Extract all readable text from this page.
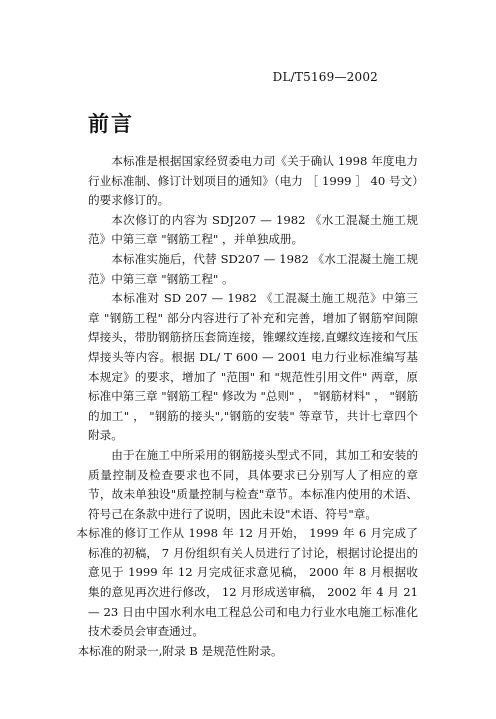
DL/T5169—2002
前言

本标准是根据国家经贸委电力司《关于确认 1998 年度电力行业标准制、修订计划项目的通知》（电力 ［ 1999 ］ 40 号文）的要求修订的。

本次修订的内容为 SDJ207 — 1982 《水工混凝土施工规范》中第三章 "钢筋工程" ，并单独成册。

本标准实施后，代替 SD207 — 1982 《水工混凝土施工规范》中第三章 "钢筋工程" 。

本标准对 SD 207 — 1982 《工混凝土施工规范》中第三章 "钢筋工程" 部分内容进行了补充和完善，增加了钢筋窄间隙焊接头，带肋钢筋挤压套筒连接，锥螺纹连接,直螺纹连接和气压焊接头等内容。根据 DL/ T 600 — 2001 电力行业标准编写基本规定》的要求，增加了 "范围" 和 "规范性引用文件" 两章，原标准中第三章 "钢筋工程" 修改为 "总则" ， "钢筋材料" ， "钢筋的加工" ， "钢筋的接头","钢筋的安装" 等章节，共计七章四个附录。

由于在施工中所采用的钢筋接头型式不同，其加工和安装的质量控制及检查要求也不同，具体要求已分别写人了相应的章节，故未单独设"质量控制与检查"章节。本标准内使用的术语、符号己在条款中进行了说明，因此未设"术语、符号"章。

本标准的修订工作从 1998 年 12 月开始， 1999 年 6 月完成了标准的初稿， 7 月份组织有关人员进行了讨论，根据讨论提出的意见于 1999 年 12 月完成征求意见稿， 2000 年 8 月根据收集的意见再次进行修改， 12 月形成送审稿， 2002 年 4 月 21 — 23 日由中国水利水电工程总公司和电力行业水电施工标准化技术委员会审查通过。

本标准的附录一,附录 B 是规范性附录。
